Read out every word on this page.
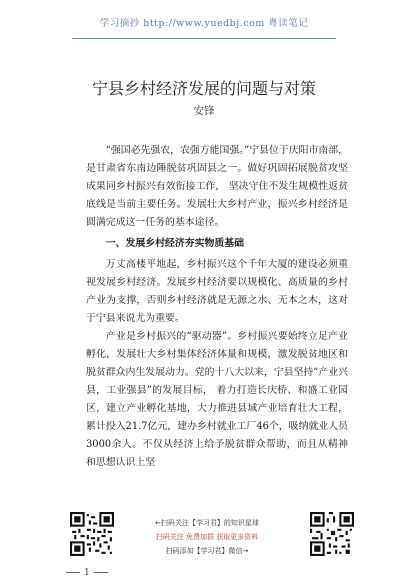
学习摘抄 http://www.yuedbj.com 粤读笔记
宁县乡村经济发展的问题与对策
安锋

“强国必先强农，农强方能国强。”宁县位于庆阳市南部，是甘肃省东南边陲脱贫巩固县之一。做好巩固拓展脱贫攻坚成果同乡村振兴有效衔接工作， 坚决守住不发生规模性返贫底线是当前主要任务。发展壮大乡村产业，振兴乡村经济是圆满完成这一任务的基本途径。

一、发展乡村经济夯实物质基础

万丈高楼平地起，乡村振兴这个千年大厦的建设必须重视发展乡村经济。发展乡村经济要以规模化、高质量的乡村产业为支撑，否则乡村经济就是无源之水、无本之木，这对于宁县来说尤为重要。

产业是乡村振兴的“驱动器”。乡村振兴要始终立足产业孵化，发展壮大乡村集体经济体量和规模，激发脱贫地区和脱贫群众内生发展动力。党的十八大以来，宁县坚持“产业兴县，工业强县”的发展目标， 着力打造长庆桥、和盛工业园区，建立产业孵化基地，大力推进县域产业培育壮大工程，累计投入21.7亿元，建办乡村就业工厂46个，吸纳就业人员3000余人。不仅从经济上给予脱贫群众帮助，而且从精神和思想认识上坚

←扫码关注【学习君】的知识星球
扫码关注 免费加群 获取更多资料
扫码添加【学习君】微信→
1
